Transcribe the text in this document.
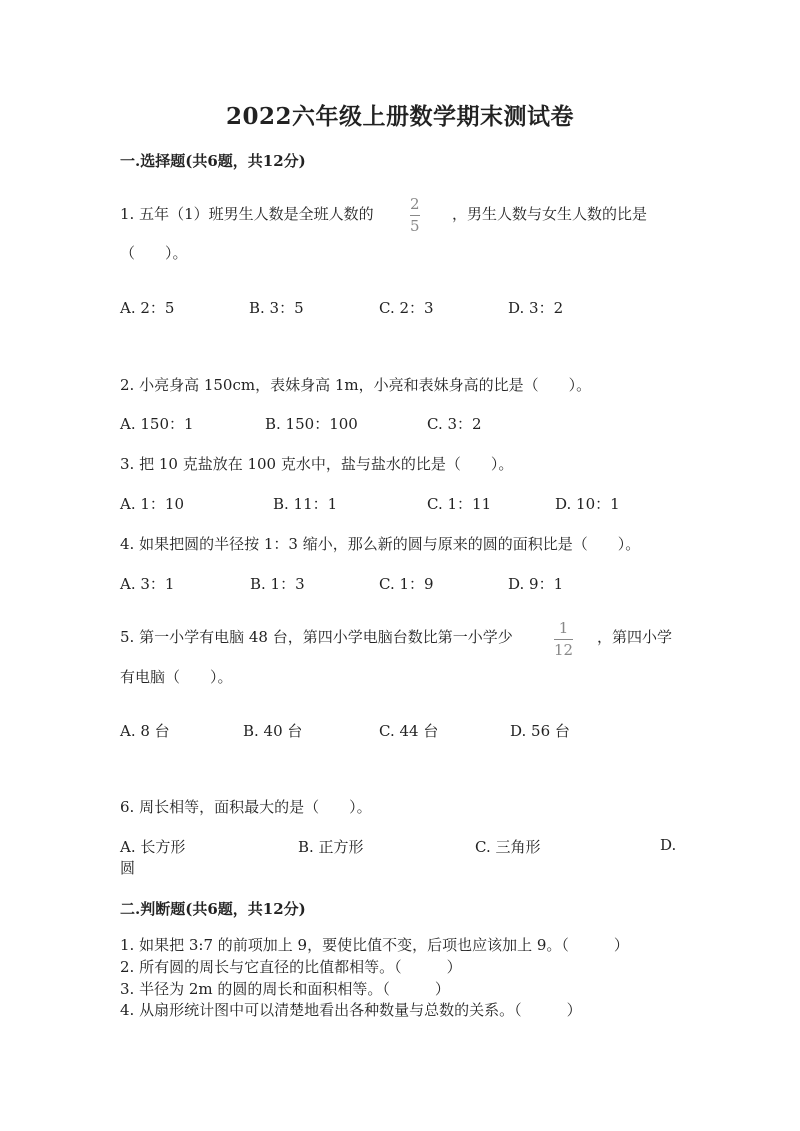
2022六年级上册数学期末测试卷
一.选择题(共6题，共12分)
1. 五年（1）班男生人数是全班人数的
2
5
，男生人数与女生人数的比是
（　　）。
A. 2：5	B. 3：5	C. 2：3	D. 3：2
2. 小亮身高 150cm，表妹身高 1m，小亮和表妹身高的比是（　　）。
A. 150：1	B. 150：100	C. 3：2
3. 把 10 克盐放在 100 克水中，盐与盐水的比是（　　）。
A. 1：10	B. 11：1	C. 1：11	D. 10：1
4. 如果把圆的半径按 1：3 缩小，那么新的圆与原来的圆的面积比是（　　）。
A. 3：1	B. 1：3	C. 1：9	D. 9：1
5. 第一小学有电脑 48 台，第四小学电脑台数比第一小学少	1
12
，第四小学
有电脑（　　）。
A. 8 台	B. 40 台	C. 44 台	D. 56 台
6. 周长相等，面积最大的是（　　）。
A. 长方形	B. 正方形	C. 三角形	D.
圆
二.判断题(共6题，共12分)
1. 如果把 3:7 的前项加上 9，要使比值不变，后项也应该加上 9。（　　　）
2. 所有圆的周长与它直径的比值都相等。（　　　）
3. 半径为 2m 的圆的周长和面积相等。（　　　）
4. 从扇形统计图中可以清楚地看出各种数量与总数的关系。（　　　）
